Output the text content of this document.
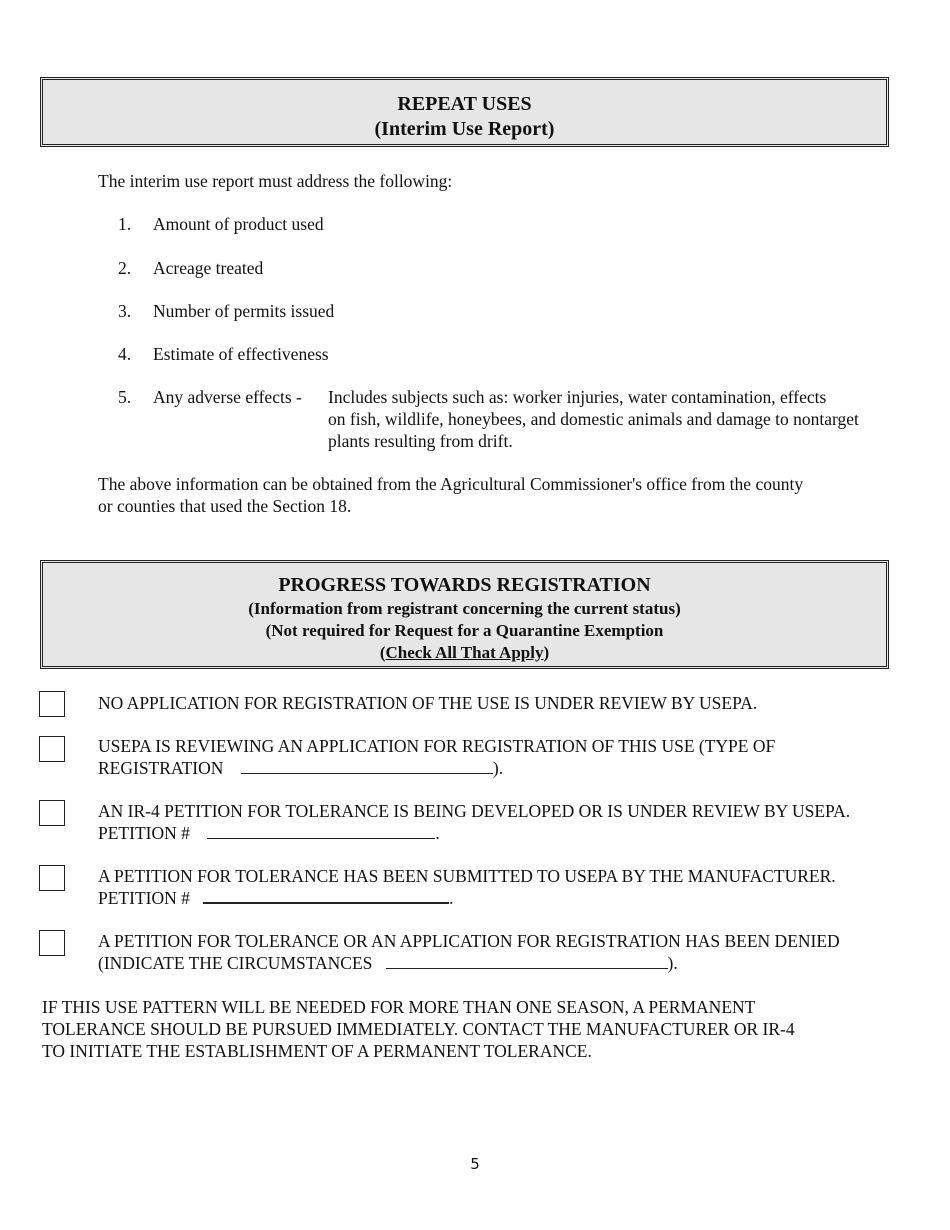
REPEAT USES
(Interim Use Report)
The interim use report must address the following:
1. Amount of product used
2. Acreage treated
3. Number of permits issued
4. Estimate of effectiveness
5. Any adverse effects - Includes subjects such as: worker injuries, water contamination, effects
on fish, wildlife, honeybees, and domestic animals and damage to nontarget
plants resulting from drift.
The above information can be obtained from the Agricultural Commissioner's office from the county
or counties that used the Section 18.
PROGRESS TOWARDS REGISTRATION
(Information from registrant concerning the current status)
(Not required for Request for a Quarantine Exemption
(Check All That Apply)
NO APPLICATION FOR REGISTRATION OF THE USE IS UNDER REVIEW BY USEPA.
USEPA IS REVIEWING AN APPLICATION FOR REGISTRATION OF THIS USE (TYPE OF
REGISTRATION	).
AN IR-4 PETITION FOR TOLERANCE IS BEING DEVELOPED OR IS UNDER REVIEW BY USEPA.
PETITION #	.
A PETITION FOR TOLERANCE HAS BEEN SUBMITTED TO USEPA BY THE MANUFACTURER.
PETITION #	.
A PETITION FOR TOLERANCE OR AN APPLICATION FOR REGISTRATION HAS BEEN DENIED
(INDICATE THE CIRCUMSTANCES	).
IF THIS USE PATTERN WILL BE NEEDED FOR MORE THAN ONE SEASON, A PERMANENT
TOLERANCE SHOULD BE PURSUED IMMEDIATELY. CONTACT THE MANUFACTURER OR IR-4
TO INITIATE THE ESTABLISHMENT OF A PERMANENT TOLERANCE.
5
